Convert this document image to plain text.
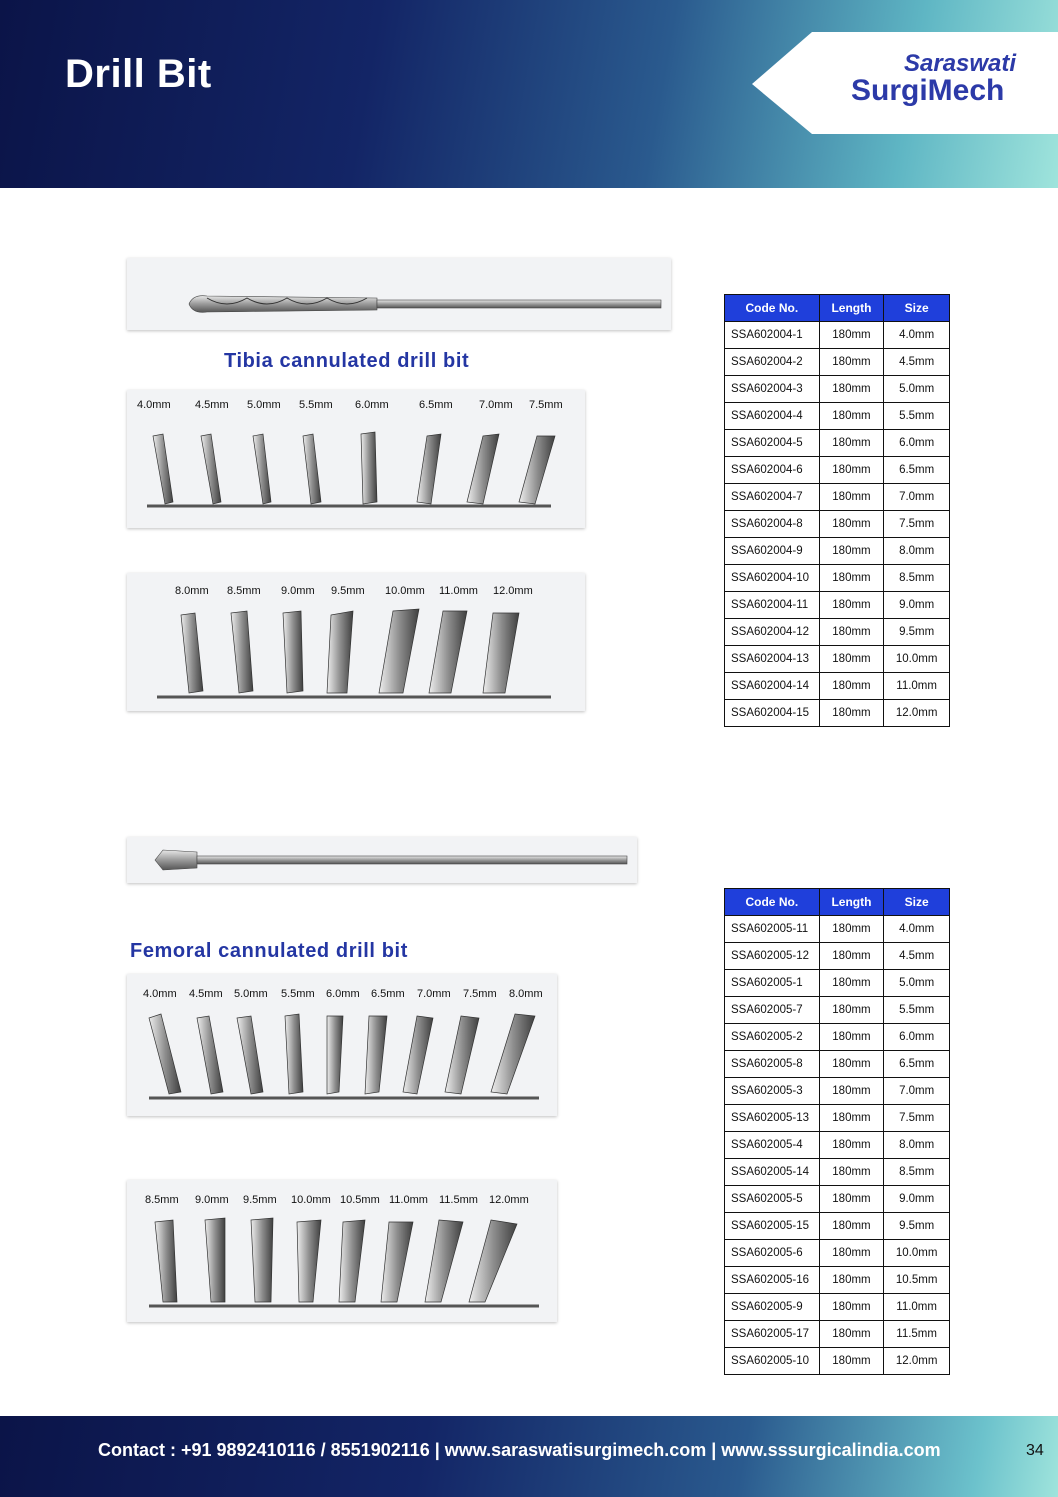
Drill Bit	Saraswati
SurgiMech
Tibia cannulated drill bit
4.0mm 4.5mm 5.0mm 5.5mm 6.0mm	6.5mm 7.0mm 7.5mm
8.0mm 8.5mm 9.0mm 9.5mm 10.0mm 11.0mm 12.0mm
Code No.	Length	Size
SSA602004-1	180mm	4.0mm
SSA602004-2	180mm	4.5mm
SSA602004-3	180mm	5.0mm
SSA602004-4	180mm	5.5mm
SSA602004-5	180mm	6.0mm
SSA602004-6	180mm	6.5mm
SSA602004-7	180mm	7.0mm
SSA602004-8	180mm	7.5mm
SSA602004-9	180mm	8.0mm
SSA602004-10	180mm	8.5mm
SSA602004-11	180mm	9.0mm
SSA602004-12	180mm	9.5mm
SSA602004-13	180mm	10.0mm
SSA602004-14	180mm	11.0mm
SSA602004-15	180mm	12.0mm
Femoral cannulated drill bit
4.0mm 4.5mm 5.0mm 5.5mm 6.0mm 6.5mm 7.0mm 7.5mm 8.0mm
8.5mm 9.0mm 9.5mm 10.0mm 10.5mm 11.0mm 11.5mm 12.0mm
Code No.	Length	Size
SSA602005-11	180mm	4.0mm
SSA602005-12	180mm	4.5mm
SSA602005-1	180mm	5.0mm
SSA602005-7	180mm	5.5mm
SSA602005-2	180mm	6.0mm
SSA602005-8	180mm	6.5mm
SSA602005-3	180mm	7.0mm
SSA602005-13	180mm	7.5mm
SSA602005-4	180mm	8.0mm
SSA602005-14	180mm	8.5mm
SSA602005-5	180mm	9.0mm
SSA602005-15	180mm	9.5mm
SSA602005-6	180mm	10.0mm
SSA602005-16	180mm	10.5mm
SSA602005-9	180mm	11.0mm
SSA602005-17	180mm	11.5mm
SSA602005-10	180mm	12.0mm
Contact : +91 9892410116 / 8551902116 | www.saraswatisurgimech.com | www.sssurgicalindia.com	34
